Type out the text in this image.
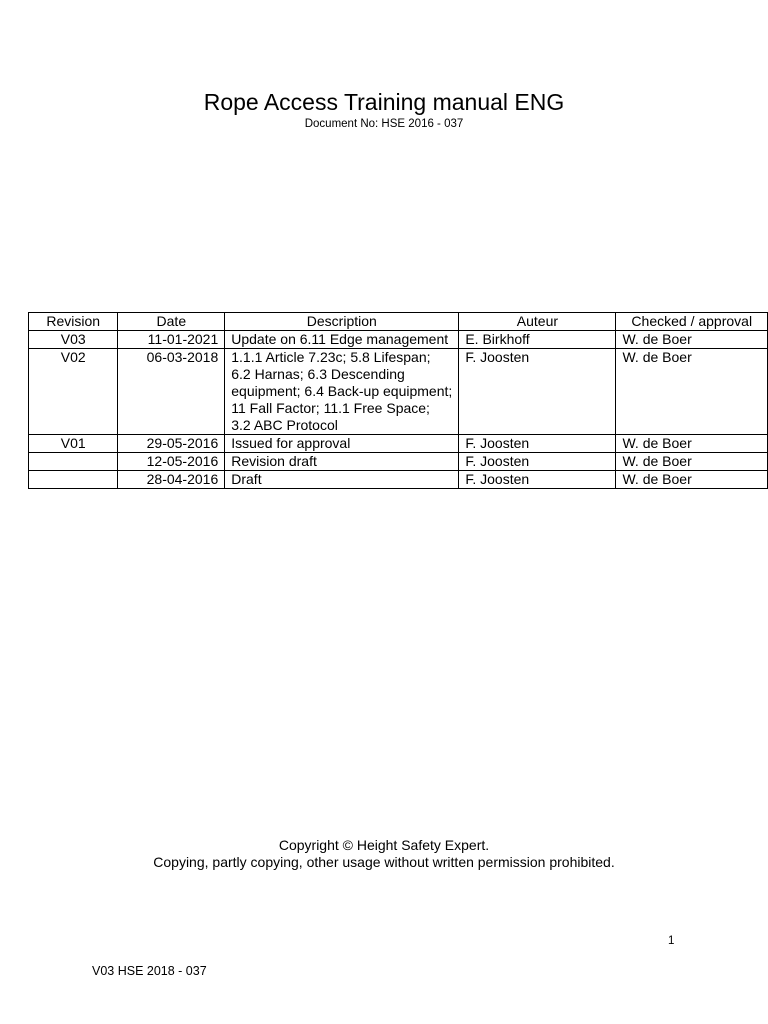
Rope Access Training manual ENG
Document No: HSE 2016 - 037
Revision	Date	Description	Auteur	Checked / approval
V03	11-01-2021	Update on 6.11 Edge management	E. Birkhoff	W. de Boer
V02	06-03-2018	1.1.1 Article 7.23c; 5.8 Lifespan; 6.2 Harnas; 6.3 Descending equipment; 6.4 Back-up equipment; 11 Fall Factor; 11.1 Free Space; 3.2 ABC Protocol	F. Joosten	W. de Boer
V01	29-05-2016	Issued for approval	F. Joosten	W. de Boer
	12-05-2016	Revision draft	F. Joosten	W. de Boer
	28-04-2016	Draft	F. Joosten	W. de Boer
Copyright © Height Safety Expert.
Copying, partly copying, other usage without written permission prohibited.
1
V03 HSE 2018 - 037
